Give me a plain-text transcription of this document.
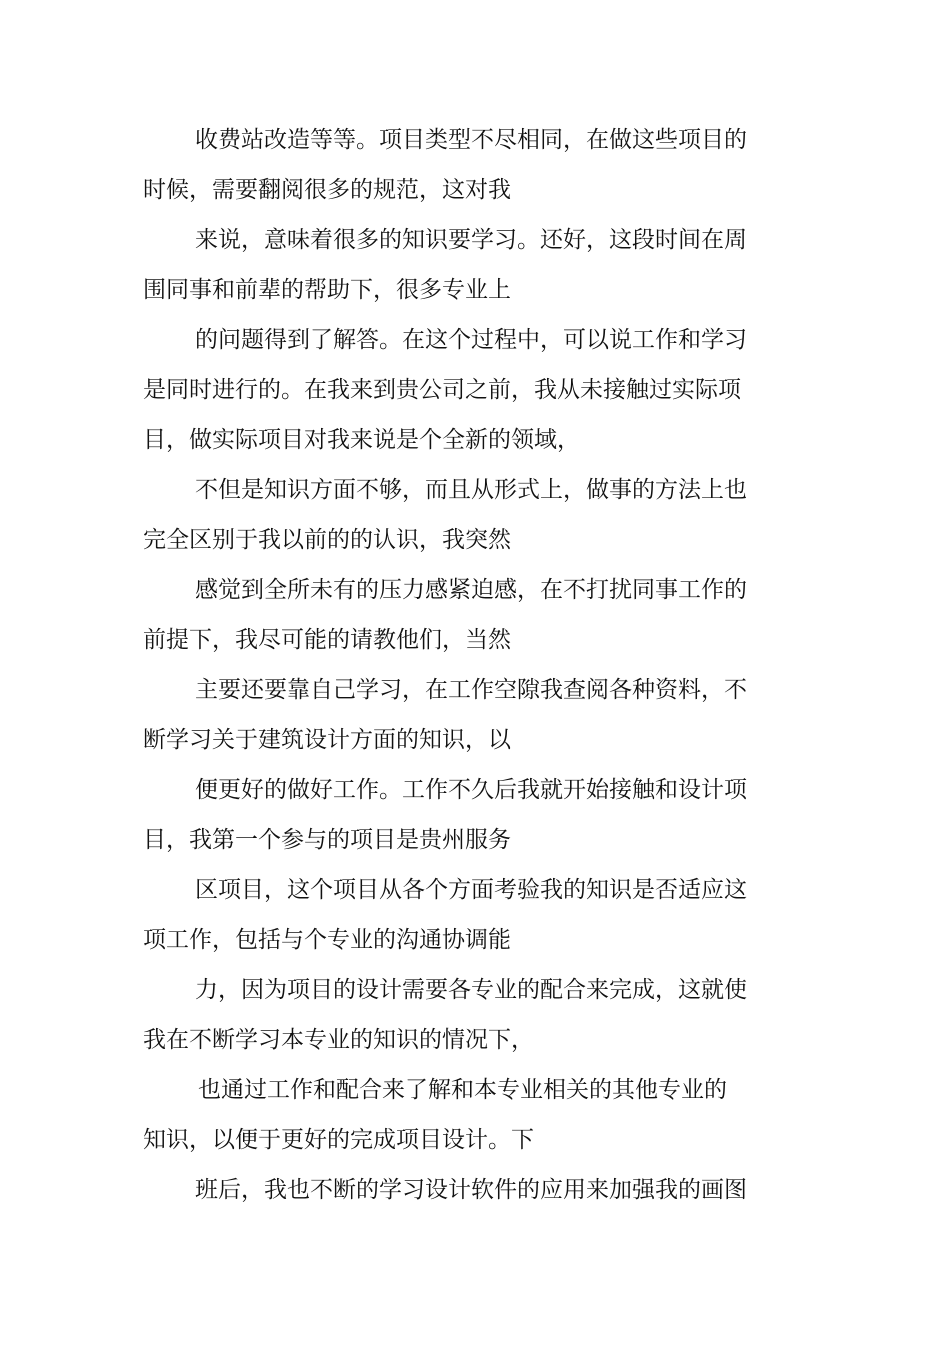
收费站改造等等。项目类型不尽相同，在做这些项目的
时候，需要翻阅很多的规范，这对我
来说，意味着很多的知识要学习。还好，这段时间在周
围同事和前辈的帮助下，很多专业上
的问题得到了解答。在这个过程中，可以说工作和学习
是同时进行的。在我来到贵公司之前，我从未接触过实际项
目，做实际项目对我来说是个全新的领域，
不但是知识方面不够，而且从形式上，做事的方法上也
完全区别于我以前的的认识，我突然
感觉到全所未有的压力感紧迫感，在不打扰同事工作的
前提下，我尽可能的请教他们，当然
主要还要靠自己学习，在工作空隙我查阅各种资料，不
断学习关于建筑设计方面的知识，以
便更好的做好工作。工作不久后我就开始接触和设计项
目，我第一个参与的项目是贵州服务
区项目，这个项目从各个方面考验我的知识是否适应这
项工作，包括与个专业的沟通协调能
力，因为项目的设计需要各专业的配合来完成，这就使
我在不断学习本专业的知识的情况下，
也通过工作和配合来了解和本专业相关的其他专业的
知识，以便于更好的完成项目设计。下
班后，我也不断的学习设计软件的应用来加强我的画图
